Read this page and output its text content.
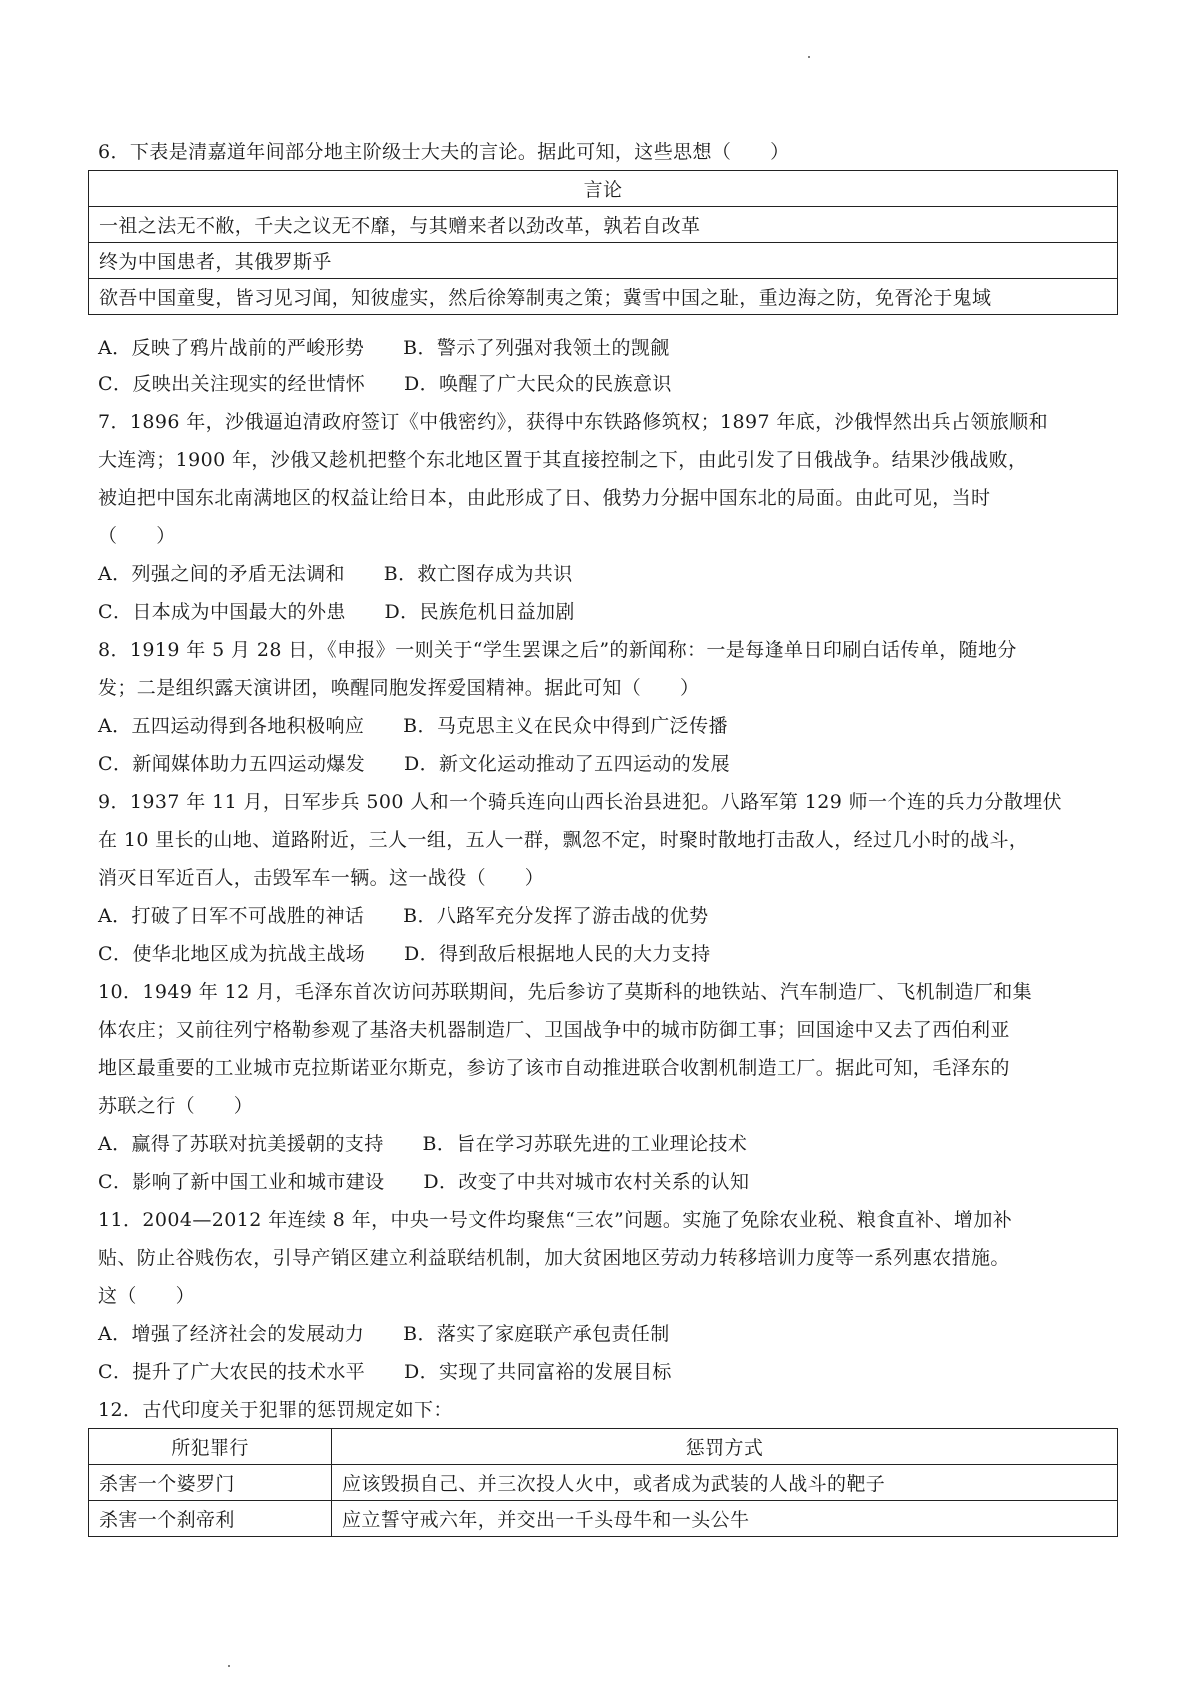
6．下表是清嘉道年间部分地主阶级士大夫的言论。据此可知，这些思想（　　）
言论
一祖之法无不敝，千夫之议无不靡，与其赠来者以劲改革，孰若自改革
终为中国患者，其俄罗斯乎
欲吾中国童叟，皆习见习闻，知彼虚实，然后徐筹制夷之策；冀雪中国之耻，重边海之防，免胥沦于鬼域
A．反映了鸦片战前的严峻形势　　B．警示了列强对我领土的觊觎
C．反映出关注现实的经世情怀　　D．唤醒了广大民众的民族意识
7．1896 年，沙俄逼迫清政府签订《中俄密约》，获得中东铁路修筑权；1897 年底，沙俄悍然出兵占领旅顺和
大连湾；1900 年，沙俄又趁机把整个东北地区置于其直接控制之下，由此引发了日俄战争。结果沙俄战败，
被迫把中国东北南满地区的权益让给日本，由此形成了日、俄势力分据中国东北的局面。由此可见，当时
（　　）
A．列强之间的矛盾无法调和　　B．救亡图存成为共识
C．日本成为中国最大的外患　　D．民族危机日益加剧
8．1919 年 5 月 28 日，《申报》一则关于“学生罢课之后”的新闻称：一是每逢单日印刷白话传单，随地分
发；二是组织露天演讲团，唤醒同胞发挥爱国精神。据此可知（　　）
A．五四运动得到各地积极响应　　B．马克思主义在民众中得到广泛传播
C．新闻媒体助力五四运动爆发　　D．新文化运动推动了五四运动的发展
9．1937 年 11 月，日军步兵 500 人和一个骑兵连向山西长治县进犯。八路军第 129 师一个连的兵力分散埋伏
在 10 里长的山地、道路附近，三人一组，五人一群，飘忽不定，时聚时散地打击敌人，经过几小时的战斗，
消灭日军近百人，击毁军车一辆。这一战役（　　）
A．打破了日军不可战胜的神话　　B．八路军充分发挥了游击战的优势
C．使华北地区成为抗战主战场　　D．得到敌后根据地人民的大力支持
10．1949 年 12 月，毛泽东首次访问苏联期间，先后参访了莫斯科的地铁站、汽车制造厂、飞机制造厂和集
体农庄；又前往列宁格勒参观了基洛夫机器制造厂、卫国战争中的城市防御工事；回国途中又去了西伯利亚
地区最重要的工业城市克拉斯诺亚尔斯克，参访了该市自动推进联合收割机制造工厂。据此可知，毛泽东的
苏联之行（　　）
A．赢得了苏联对抗美援朝的支持　　B．旨在学习苏联先进的工业理论技术
C．影响了新中国工业和城市建设　　D．改变了中共对城市农村关系的认知
11．2004—2012 年连续 8 年，中央一号文件均聚焦“三农”问题。实施了免除农业税、粮食直补、增加补
贴、防止谷贱伤农，引导产销区建立利益联结机制，加大贫困地区劳动力转移培训力度等一系列惠农措施。
这（　　）
A．增强了经济社会的发展动力　　B．落实了家庭联产承包责任制
C．提升了广大农民的技术水平　　D．实现了共同富裕的发展目标
12．古代印度关于犯罪的惩罚规定如下：
所犯罪行	惩罚方式
杀害一个婆罗门	应该毁损自己、并三次投人火中，或者成为武装的人战斗的靶子
杀害一个刹帝利	应立誓守戒六年，并交出一千头母牛和一头公牛
